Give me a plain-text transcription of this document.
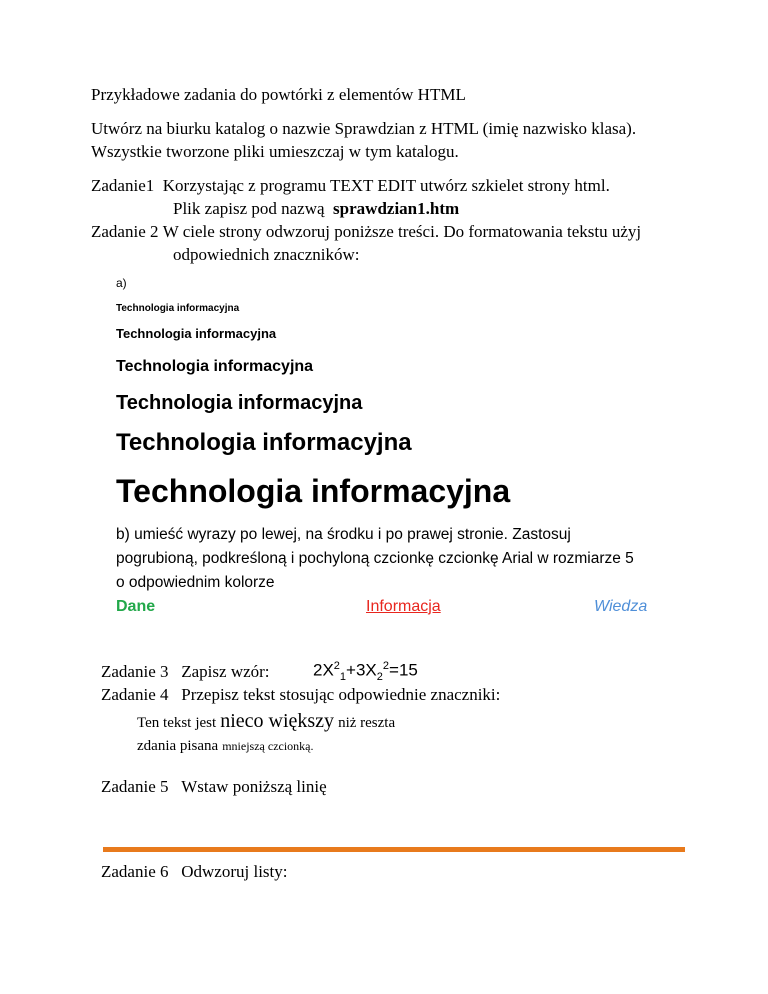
Przykładowe zadania do powtórki z elementów HTML
Utwórz na biurku katalog o nazwie Sprawdzian z HTML (imię nazwisko klasa).
Wszystkie tworzone pliki umieszczaj w tym katalogu.
Zadanie1 Korzystając z programu TEXT EDIT utwórz szkielet strony html.
Plik zapisz pod nazwą sprawdzian1.htm
Zadanie 2 W ciele strony odwzoruj poniższe treści. Do formatowania tekstu użyj
odpowiednich znaczników:
a)
Technologia informacyjna
Technologia informacyjna
Technologia informacyjna
Technologia informacyjna
Technologia informacyjna
Technologia informacyjna
b) umieść wyrazy po lewej, na środku i po prawej stronie. Zastosuj
pogrubioną, podkreśloną i pochyloną czcionkę czcionkę Arial w rozmiarze 5
o odpowiednim kolorze
Dane	Informacja	Wiedza
Zadanie 3 Zapisz wzór:	$2X^2_1+3X_2^2=15$
Zadanie 4 Przepisz tekst stosując odpowiednie znaczniki:
Ten tekst jest nieco większy niż reszta
zdania pisana mniejszą czcionką.
Zadanie 5 Wstaw poniższą linię
Zadanie 6 Odwzoruj listy:
